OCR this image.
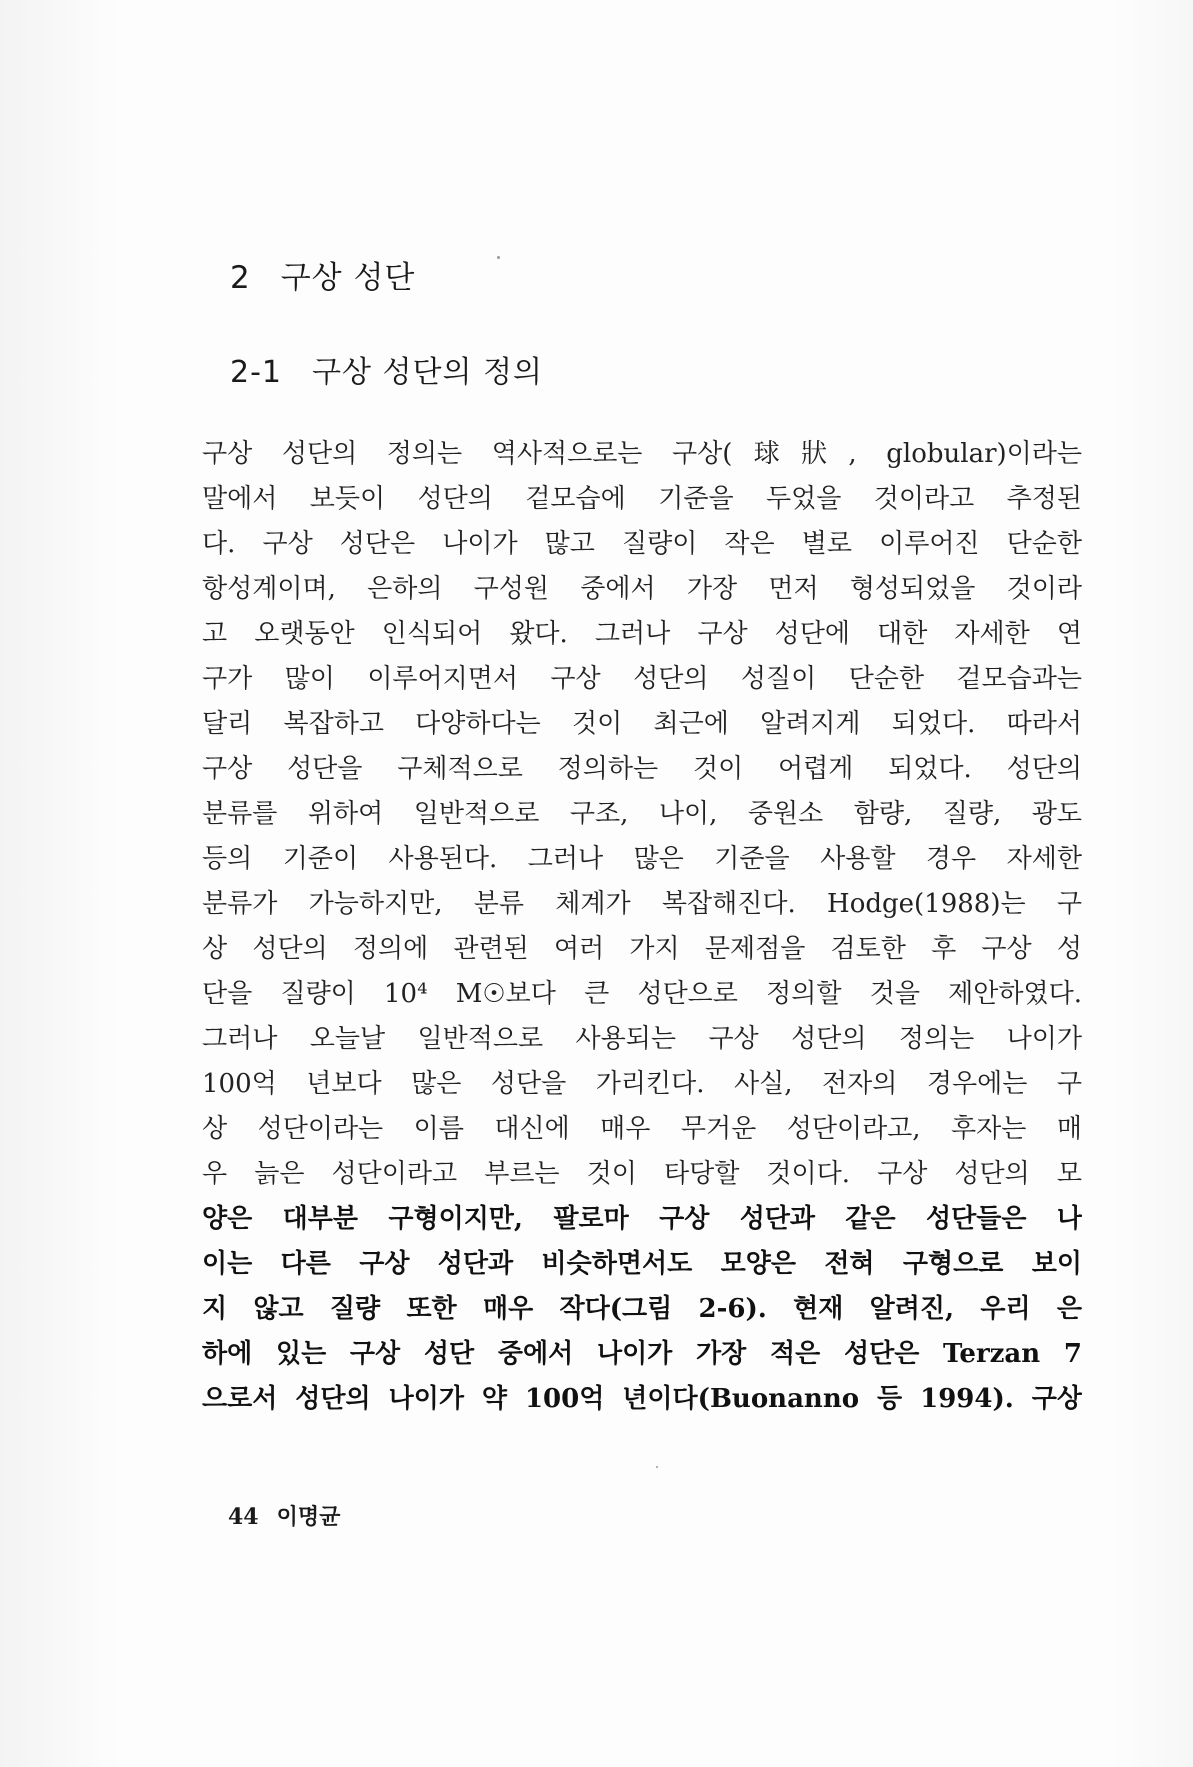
2 구상 성단
2-1 구상 성단의 정의
구상 성단의 정의는 역사적으로는 구상(球狀, globular)이라는
말에서 보듯이 성단의 겉모습에 기준을 두었을 것이라고 추정된
다. 구상 성단은 나이가 많고 질량이 작은 별로 이루어진 단순한
항성계이며, 은하의 구성원 중에서 가장 먼저 형성되었을 것이라
고 오랫동안 인식되어 왔다. 그러나 구상 성단에 대한 자세한 연
구가 많이 이루어지면서 구상 성단의 성질이 단순한 겉모습과는
달리 복잡하고 다양하다는 것이 최근에 알려지게 되었다. 따라서
구상 성단을 구체적으로 정의하는 것이 어렵게 되었다. 성단의
분류를 위하여 일반적으로 구조, 나이, 중원소 함량, 질량, 광도
등의 기준이 사용된다. 그러나 많은 기준을 사용할 경우 자세한
분류가 가능하지만, 분류 체계가 복잡해진다. Hodge(1988)는 구
상 성단의 정의에 관련된 여러 가지 문제점을 검토한 후 구상 성
단을 질량이 10⁴ M☉보다 큰 성단으로 정의할 것을 제안하였다.
그러나 오늘날 일반적으로 사용되는 구상 성단의 정의는 나이가
100억 년보다 많은 성단을 가리킨다. 사실, 전자의 경우에는 구
상 성단이라는 이름 대신에 매우 무거운 성단이라고, 후자는 매
우 늙은 성단이라고 부르는 것이 타당할 것이다. 구상 성단의 모
양은 대부분 구형이지만, 팔로마 구상 성단과 같은 성단들은 나
이는 다른 구상 성단과 비슷하면서도 모양은 전혀 구형으로 보이
지 않고 질량 또한 매우 작다(그림 2-6). 현재 알려진, 우리 은
하에 있는 구상 성단 중에서 나이가 가장 적은 성단은 Terzan 7
으로서 성단의 나이가 약 100억 년이다(Buonanno 등 1994). 구상
44 이명균
